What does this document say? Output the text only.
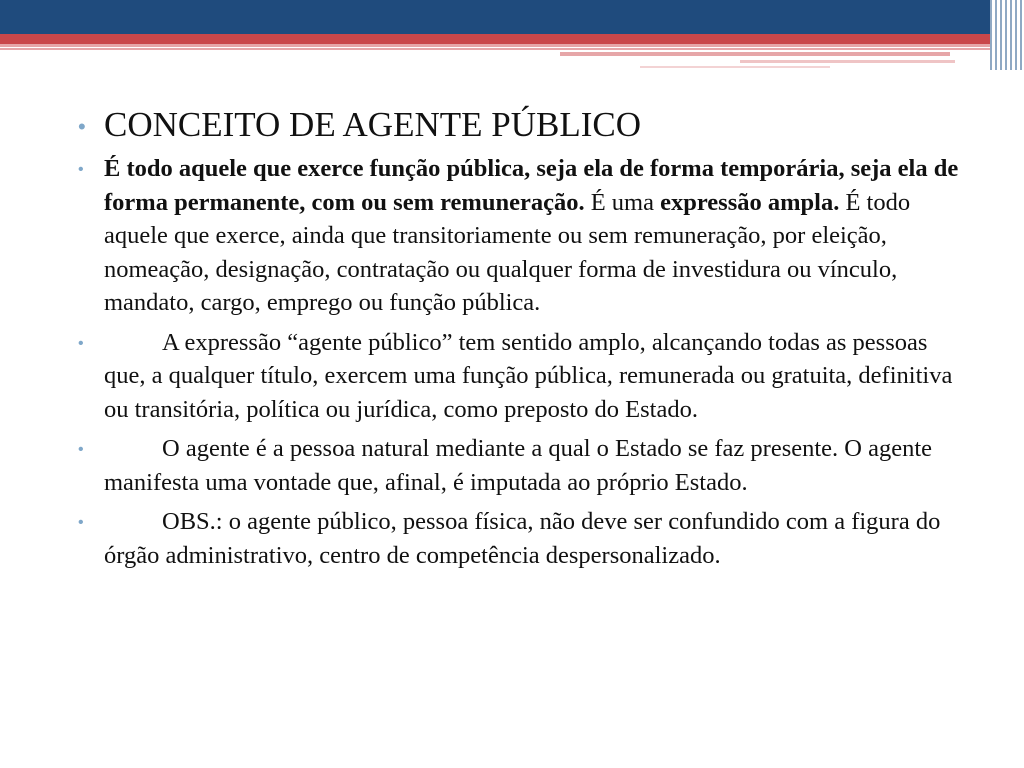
• CONCEITO DE AGENTE PÚBLICO
• É todo aquele que exerce função pública, seja ela de forma temporária, seja ela de forma permanente, com ou sem remuneração. É uma expressão ampla. É todo aquele que exerce, ainda que transitoriamente ou sem remuneração, por eleição, nomeação, designação, contratação ou qualquer forma de investidura ou vínculo, mandato, cargo, emprego ou função pública.
•	A expressão “agente público” tem sentido amplo, alcançando todas as pessoas que, a qualquer título, exercem uma função pública, remunerada ou gratuita, definitiva ou transitória, política ou jurídica, como preposto do Estado.
•	O agente é a pessoa natural mediante a qual o Estado se faz presente. O agente manifesta uma vontade que, afinal, é imputada ao próprio Estado.
•	OBS.: o agente público, pessoa física, não deve ser confundido com a figura do órgão administrativo, centro de competência despersonalizado.
